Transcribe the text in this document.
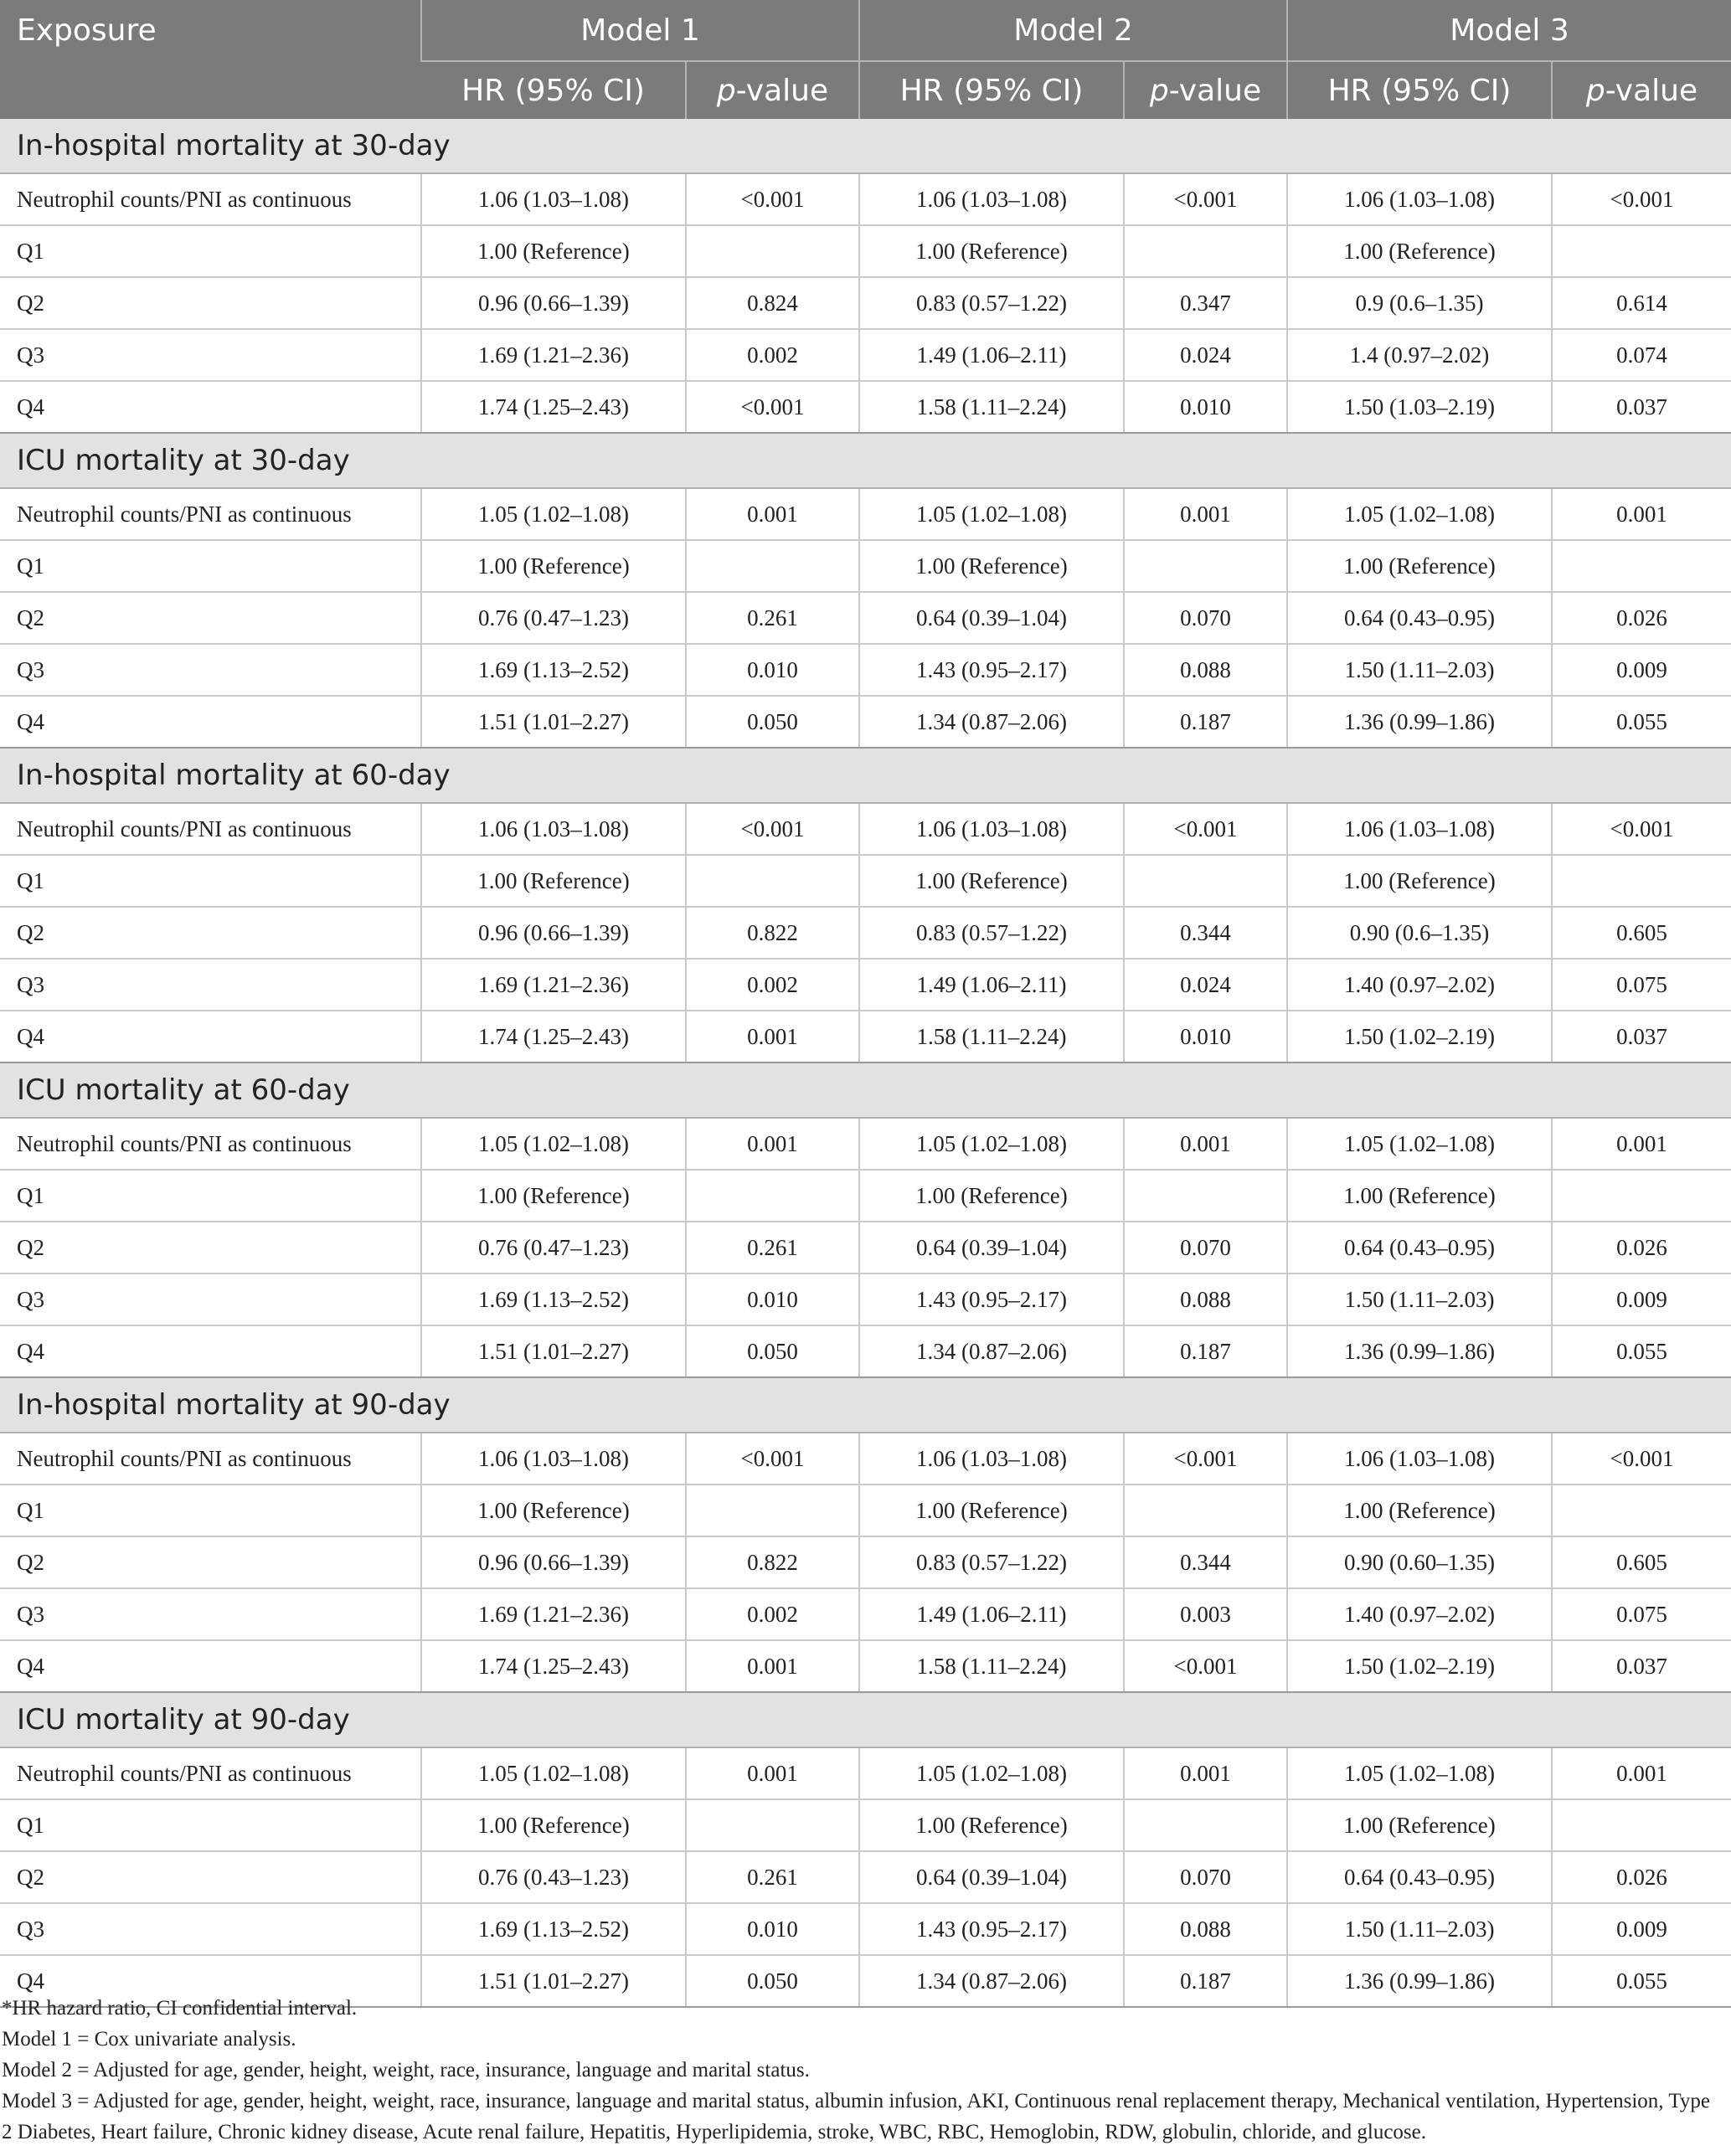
Exposure	Model 1		Model 2		Model 3	
	HR (95% CI)	p-value	HR (95% CI)	p-value	HR (95% CI)	p-value
In-hospital mortality at 30-day						
Neutrophil counts/PNI as continuous	1.06 (1.03–1.08)	<0.001	1.06 (1.03–1.08)	<0.001	1.06 (1.03–1.08)	<0.001
Q1	1.00 (Reference)		1.00 (Reference)		1.00 (Reference)	
Q2	0.96 (0.66–1.39)	0.824	0.83 (0.57–1.22)	0.347	0.9 (0.6–1.35)	0.614
Q3	1.69 (1.21–2.36)	0.002	1.49 (1.06–2.11)	0.024	1.4 (0.97–2.02)	0.074
Q4	1.74 (1.25–2.43)	<0.001	1.58 (1.11–2.24)	0.010	1.50 (1.03–2.19)	0.037
ICU mortality at 30-day						
Neutrophil counts/PNI as continuous	1.05 (1.02–1.08)	0.001	1.05 (1.02–1.08)	0.001	1.05 (1.02–1.08)	0.001
Q1	1.00 (Reference)		1.00 (Reference)		1.00 (Reference)	
Q2	0.76 (0.47–1.23)	0.261	0.64 (0.39–1.04)	0.070	0.64 (0.43–0.95)	0.026
Q3	1.69 (1.13–2.52)	0.010	1.43 (0.95–2.17)	0.088	1.50 (1.11–2.03)	0.009
Q4	1.51 (1.01–2.27)	0.050	1.34 (0.87–2.06)	0.187	1.36 (0.99–1.86)	0.055
In-hospital mortality at 60-day						
Neutrophil counts/PNI as continuous	1.06 (1.03–1.08)	<0.001	1.06 (1.03–1.08)	<0.001	1.06 (1.03–1.08)	<0.001
Q1	1.00 (Reference)		1.00 (Reference)		1.00 (Reference)	
Q2	0.96 (0.66–1.39)	0.822	0.83 (0.57–1.22)	0.344	0.90 (0.6–1.35)	0.605
Q3	1.69 (1.21–2.36)	0.002	1.49 (1.06–2.11)	0.024	1.40 (0.97–2.02)	0.075
Q4	1.74 (1.25–2.43)	0.001	1.58 (1.11–2.24)	0.010	1.50 (1.02–2.19)	0.037
ICU mortality at 60-day						
Neutrophil counts/PNI as continuous	1.05 (1.02–1.08)	0.001	1.05 (1.02–1.08)	0.001	1.05 (1.02–1.08)	0.001
Q1	1.00 (Reference)		1.00 (Reference)		1.00 (Reference)	
Q2	0.76 (0.47–1.23)	0.261	0.64 (0.39–1.04)	0.070	0.64 (0.43–0.95)	0.026
Q3	1.69 (1.13–2.52)	0.010	1.43 (0.95–2.17)	0.088	1.50 (1.11–2.03)	0.009
Q4	1.51 (1.01–2.27)	0.050	1.34 (0.87–2.06)	0.187	1.36 (0.99–1.86)	0.055
In-hospital mortality at 90-day						
Neutrophil counts/PNI as continuous	1.06 (1.03–1.08)	<0.001	1.06 (1.03–1.08)	<0.001	1.06 (1.03–1.08)	<0.001
Q1	1.00 (Reference)		1.00 (Reference)		1.00 (Reference)	
Q2	0.96 (0.66–1.39)	0.822	0.83 (0.57–1.22)	0.344	0.90 (0.60–1.35)	0.605
Q3	1.69 (1.21–2.36)	0.002	1.49 (1.06–2.11)	0.003	1.40 (0.97–2.02)	0.075
Q4	1.74 (1.25–2.43)	0.001	1.58 (1.11–2.24)	<0.001	1.50 (1.02–2.19)	0.037
ICU mortality at 90-day						
Neutrophil counts/PNI as continuous	1.05 (1.02–1.08)	0.001	1.05 (1.02–1.08)	0.001	1.05 (1.02–1.08)	0.001
Q1	1.00 (Reference)		1.00 (Reference)		1.00 (Reference)	
Q2	0.76 (0.43–1.23)	0.261	0.64 (0.39–1.04)	0.070	0.64 (0.43–0.95)	0.026
Q3	1.69 (1.13–2.52)	0.010	1.43 (0.95–2.17)	0.088	1.50 (1.11–2.03)	0.009
Q4	1.51 (1.01–2.27)	0.050	1.34 (0.87–2.06)	0.187	1.36 (0.99–1.86)	0.055
*HR hazard ratio, CI confidential interval.
Model 1 = Cox univariate analysis.
Model 2 = Adjusted for age, gender, height, weight, race, insurance, language and marital status.
Model 3 = Adjusted for age, gender, height, weight, race, insurance, language and marital status, albumin infusion, AKI, Continuous renal replacement therapy, Mechanical ventilation, Hypertension, Type 2 Diabetes, Heart failure, Chronic kidney disease, Acute renal failure, Hepatitis, Hyperlipidemia, stroke, WBC, RBC, Hemoglobin, RDW, globulin, chloride, and glucose.
